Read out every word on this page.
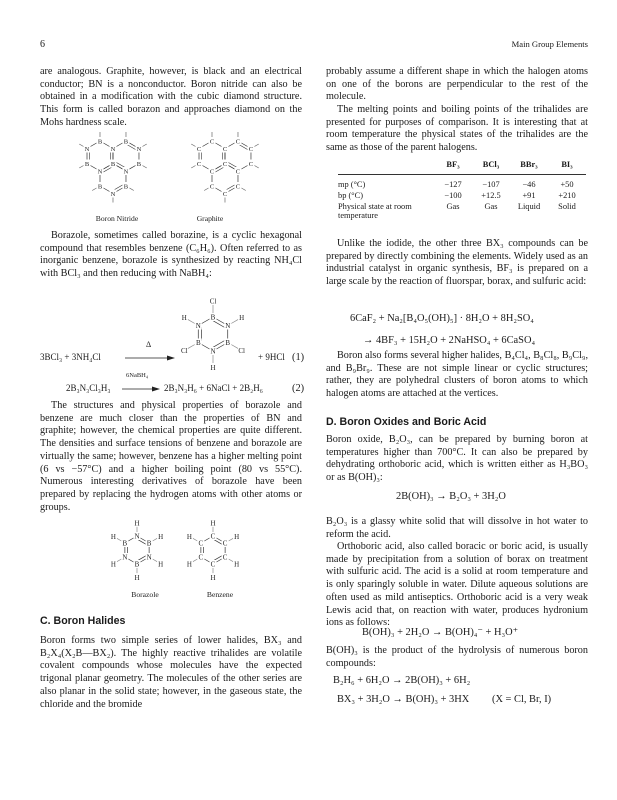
6	Main Group Elements
are analogous. Graphite, however, is black and an electrical conductor; BN is a nonconductor. Boron nitride can also be obtained in a modification with the cubic diamond structure. This form is called borazon and approaches diamond on the Mohs hardness scale.
B
N
B
N
B
N
B
N
B
N
B
N
B
C
C
C
C
C
C
C
C
C
C
C
C
C
Boron Nitride	Graphite
Borazole, sometimes called borazine, is a cyclic hexagonal compound that resembles benzene (C₆H₆). Often referred to as inorganic benzene, borazole is synthesized by reacting NH₄Cl with BCl₃ and then reducing with NaBH₄:
3BCl₃ + 3NH₄Cl
Δ
Cl
B	H
N
Cl
B
H
N
Cl
B
H
N
+ 9HCl (1)
2B₃N₃Cl₃H₃
6NaBH₄
→ 2B₃N₃H₆ + 6NaCl + 2B₂H₆	(2)
The structures and physical properties of borazole and benzene are much closer than the properties of BN and graphite; however, the chemical properties are quite different. The densities and surface tensions of benzene and borazole are virtually the same; however, benzene has a higher melting point (6 vs −57°C) and a higher boiling point (80 vs 55°C). Numerous interesting derivatives of borazole have been prepared by replacing the hydrogen atoms with other atoms or groups.
H
N	H
B
H
N
H
B
H
N
H
B
H
C	H
C
H
C
H
C
H
C
H
C
Borazole	Benzene
C. Boron Halides
Boron forms two simple series of lower halides, BX₃ and B₂X₄(X₂B—BX₂). The highly reactive trihalides are volatile covalent compounds whose molecules have the expected trigonal planar geometry. The molecules of the other series are also planar in the solid state; however, in the gaseous state, the chloride and the bromide
probably assume a different shape in which the halogen atoms on one of the borons are perpendicular to the rest of the molecule.
The melting points and boiling points of the trihalides are presented for purposes of comparison. It is interesting that at room temperature the physical states of the trihalides are the same as those of the parent halogens.
	BF₃	BCl₃	BBr₃	BI₃
mp (°C)	−127	−107	−46	+50
bp (°C)	−100	+12.5	+91	+210
Physical state at room temperature	Gas	Gas	Liquid	Solid
Unlike the iodide, the other three BX₃ compounds can be prepared by directly combining the elements. Widely used as an industrial catalyst in organic synthesis, BF₃ is prepared on a large scale by the reaction of fluorspar, borax, and sulfuric acid:
6CaF₂ + Na₂[B₄O₅(OH)₅] · 8H₂O + 8H₂SO₄
→ 4BF₃ + 15H₂O + 2NaHSO₄ + 6CaSO₄
Boron also forms several higher halides, B₄Cl₄, B₈Cl₈, B₉Cl₉, and B₉Br₉. These are not simple linear or cyclic structures; rather, they are polyhedral clusters of boron atoms to which halogen atoms are attached at the vertices.
D. Boron Oxides and Boric Acid
Boron oxide, B₂O₃, can be prepared by burning boron at temperatures higher than 700°C. It can also be prepared by dehydrating orthoboric acid, which is written either as H₃BO₃ or as B(OH)₃:
2B(OH)₃ → B₂O₃ + 3H₂O
B₂O₃ is a glassy white solid that will dissolve in hot water to reform the acid.
Orthoboric acid, also called boracic or boric acid, is usually made by precipitation from a solution of borax on treatment with sulfuric acid. The acid is a solid at room temperature and is only sparingly soluble in water. Dilute aqueous solutions are often used as mild antiseptics. Orthoboric acid is a very weak Lewis acid that, on reaction with water, produces hydronium ions as follows:
B(OH)₃ + 2H₂O → B(OH)₄⁻ + H₃O⁺
B(OH)₃ is the product of the hydrolysis of numerous boron compounds:
B₂H₆ + 6H₂O → 2B(OH)₃ + 6H₂
BX₃ + 3H₂O → B(OH)₃ + 3HX (X = Cl, Br, I)
